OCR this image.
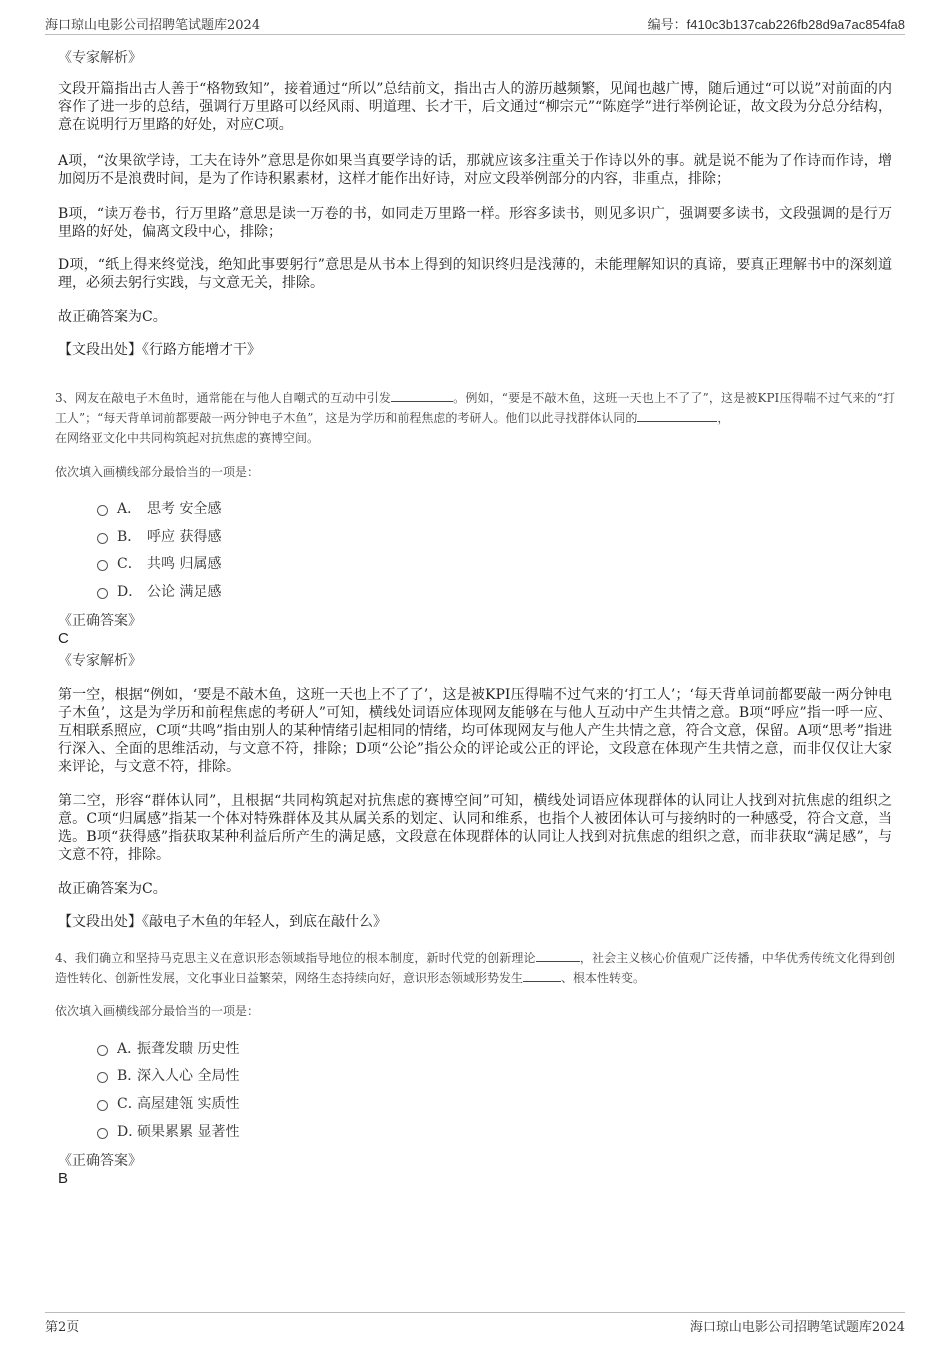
海口琼山电影公司招聘笔试题库2024	编号：f410c3b137cab226fb28d9a7ac854fa8
《专家解析》
文段开篇指出古人善于“格物致知”，接着通过“所以”总结前文，指出古人的游历越频繁，见闻也越广博，随后通过“可以说”对前面的内容作了进一步的总结，强调行万里路可以经风雨、明道理、长才干，后文通过“柳宗元”“陈庭学”进行举例论证，故文段为分总分结构，意在说明行万里路的好处，对应C项。
A项，“汝果欲学诗，工夫在诗外”意思是你如果当真要学诗的话，那就应该多注重关于作诗以外的事。就是说不能为了作诗而作诗，增加阅历不是浪费时间，是为了作诗积累素材，这样才能作出好诗，对应文段举例部分的内容，非重点，排除；
B项，“读万卷书，行万里路”意思是读一万卷的书，如同走万里路一样。形容多读书，则见多识广，强调要多读书，文段强调的是行万里路的好处，偏离文段中心，排除；
D项，“纸上得来终觉浅，绝知此事要躬行”意思是从书本上得到的知识终归是浅薄的，未能理解知识的真谛，要真正理解书中的深刻道理，必须去躬行实践，与文意无关，排除。
故正确答案为C。
【文段出处】《行路方能增才干》
3、网友在敲电子木鱼时，通常能在与他人自嘲式的互动中引发	。例如，“要是不敲木鱼，这班一天也上不了了”，这是被KPI压得喘不过气来的“打工人”；“每天背单词前都要敲一两分钟电子木鱼”，这是为学历和前程焦虑的考研人。他们以此寻找群体认同的	，
在网络亚文化中共同构筑起对抗焦虑的赛博空间。
依次填入画横线部分最恰当的一项是：
A． 思考 安全感
B． 呼应 获得感
C． 共鸣 归属感
D． 公论 满足感
《正确答案》
C
《专家解析》
第一空，根据“例如，‘要是不敲木鱼，这班一天也上不了了’，这是被KPI压得喘不过气来的‘打工人’；‘每天背单词前都要敲一两分钟电子木鱼’，这是为学历和前程焦虑的考研人”可知，横线处词语应体现网友能够在与他人互动中产生共情之意。B项“呼应”指一呼一应、互相联系照应，C项“共鸣”指由别人的某种情绪引起相同的情绪，均可体现网友与他人产生共情之意，符合文意，保留。A项“思考”指进行深入、全面的思维活动，与文意不符，排除；D项“公论”指公众的评论或公正的评论，文段意在体现产生共情之意，而非仅仅让大家来评论，与文意不符，排除。
第二空，形容“群体认同”，且根据“共同构筑起对抗焦虑的赛博空间”可知，横线处词语应体现群体的认同让人找到对抗焦虑的组织之意。C项“归属感”指某一个体对特殊群体及其从属关系的划定、认同和维系，也指个人被团体认可与接纳时的一种感受，符合文意，当选。B项“获得感”指获取某种利益后所产生的满足感，文段意在体现群体的认同让人找到对抗焦虑的组织之意，而非获取“满足感”，与文意不符，排除。
故正确答案为C。
【文段出处】《敲电子木鱼的年轻人，到底在敲什么》
4、我们确立和坚持马克思主义在意识形态领域指导地位的根本制度，新时代党的创新理论	，社会主义核心价值观广泛传播，中华优秀传统文化得到创造性转化、创新性发展，文化事业日益繁荣，网络生态持续向好，意识形态领域形势发生	、根本性转变。
依次填入画横线部分最恰当的一项是：
A．
振聋发聩 历史性
B．
深入人心 全局性
C．
高屋建瓴 实质性
D．
硕果累累 显著性
《正确答案》
B
第2页	海口琼山电影公司招聘笔试题库2024
